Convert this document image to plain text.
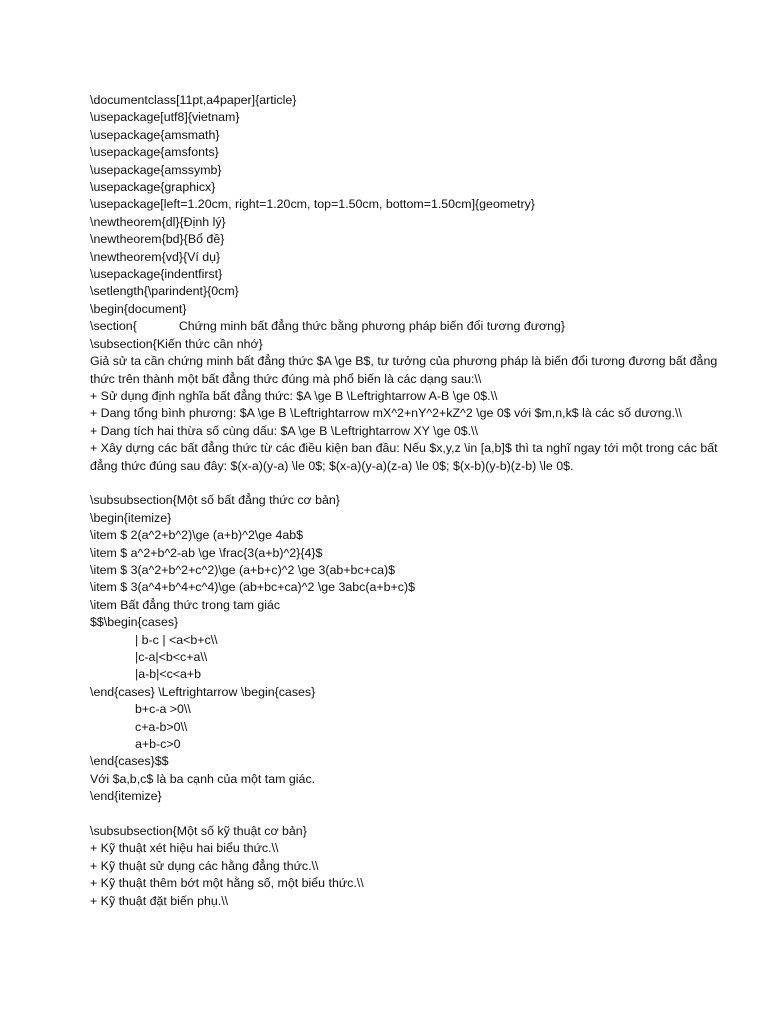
\documentclass[11pt,a4paper]{article}
\usepackage[utf8]{vietnam}
\usepackage{amsmath}
\usepackage{amsfonts}
\usepackage{amssymb}
\usepackage{graphicx}
\usepackage[left=1.20cm, right=1.20cm, top=1.50cm, bottom=1.50cm]{geometry}
\newtheorem{dl}{Định lý}
\newtheorem{bd}{Bổ đề}
\newtheorem{vd}{Ví dụ}
\usepackage{indentfirst}
\setlength{\parindent}{0cm}
\begin{document}
\section{	Chứng minh bất đẳng thức bằng phương pháp biến đổi tương đương}
\subsection{Kiến thức cần nhớ}
Giả sử ta cần chứng minh bất đẳng thức $A \ge B$, tư tưởng của phương pháp là biến đổi tương đương bất đẳng thức trên thành một bất đẳng thức đúng mà phổ biến là các dạng sau:\\
+ Sử dụng định nghĩa bất đẳng thức: $A \ge B \Leftrightarrow A-B \ge 0$.\\
+ Dang tổng bình phương: $A \ge B \Leftrightarrow mX^2+nY^2+kZ^2 \ge 0$ với $m,n,k$ là các số dương.\\
+ Dang tích hai thừa số cùng dấu: $A \ge B \Leftrightarrow XY \ge 0$.\\
+ Xây dựng các bất đẳng thức từ các điều kiện ban đầu: Nếu $x,y,z \in [a,b]$ thì ta nghĩ ngay tới một trong các bất đẳng thức đúng sau đây: $(x-a)(y-a) \le 0$; $(x-a)(y-a)(z-a) \le 0$; $(x-b)(y-b)(z-b) \le 0$.
\subsubsection{Một số bất đẳng thức cơ bản}
\begin{itemize}
\item $ 2(a^2+b^2)\ge (a+b)^2\ge 4ab$
\item $ a^2+b^2-ab \ge \frac{3(a+b)^2}{4}$
\item $ 3(a^2+b^2+c^2)\ge (a+b+c)^2 \ge 3(ab+bc+ca)$
\item $ 3(a^4+b^4+c^4)\ge (ab+bc+ca)^2 \ge 3abc(a+b+c)$
\item Bất đẳng thức trong tam giác
$$\begin{cases}
| b-c | <a<b+c\\
|c-a|<b<c+a\\
|a-b|<c<a+b
\end{cases} \Leftrightarrow \begin{cases}
b+c-a >0\\
c+a-b>0\\
a+b-c>0
\end{cases}$$
Với $a,b,c$ là ba cạnh của một tam giác.
\end{itemize}
\subsubsection{Một số kỹ thuật cơ bản}
+ Kỹ thuật xét hiệu hai biểu thức.\\
+ Kỹ thuật sử dụng các hằng đẳng thức.\\
+ Kỹ thuật thêm bớt một hằng số, một biểu thức.\\
+ Kỹ thuật đặt biến phụ.\\
